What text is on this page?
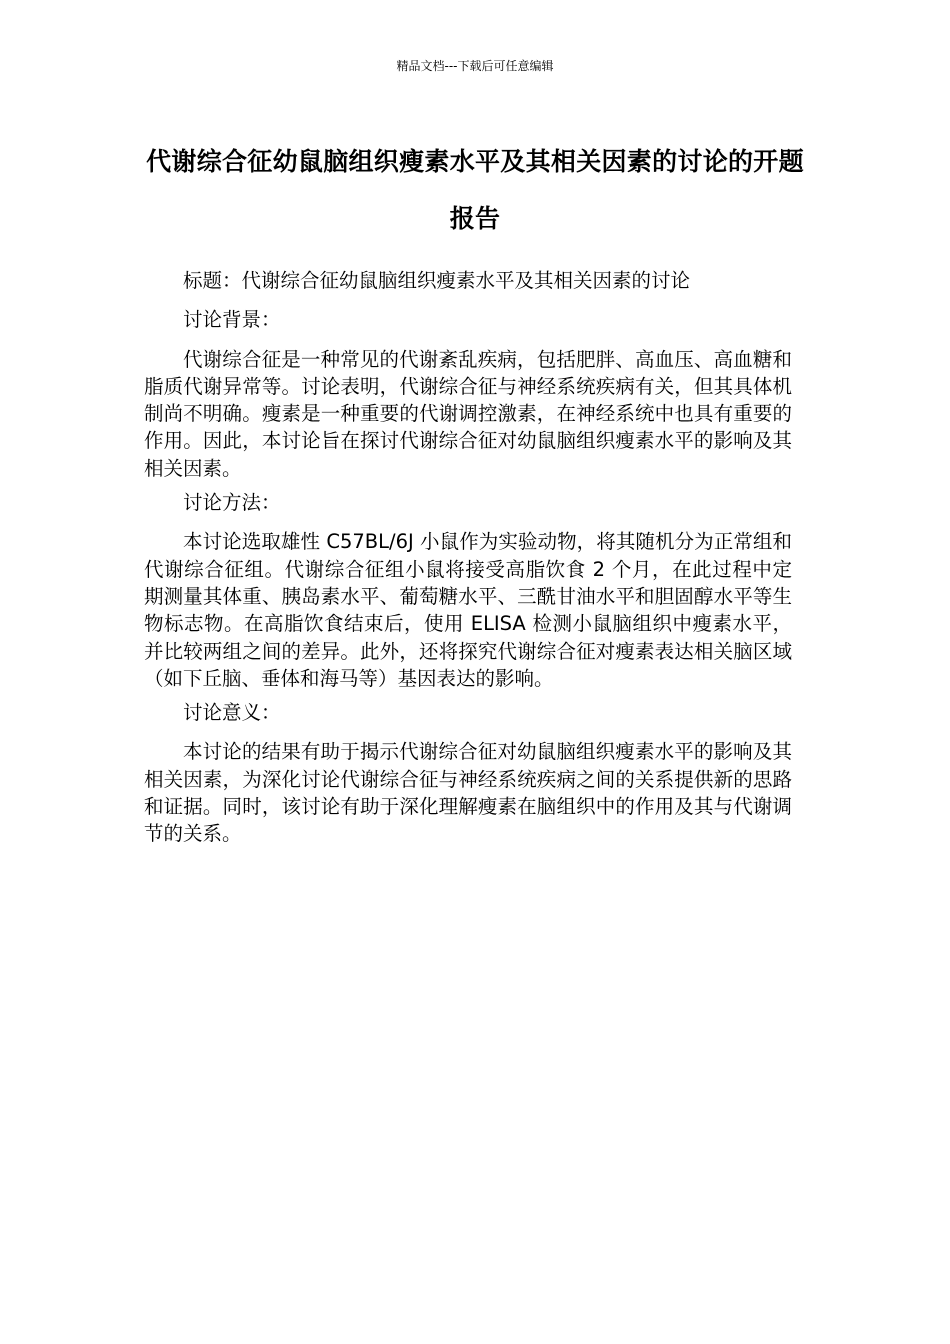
精品文档---下载后可任意编辑
代谢综合征幼鼠脑组织瘦素水平及其相关因素的讨论的开题报告

标题：代谢综合征幼鼠脑组织瘦素水平及其相关因素的讨论

讨论背景：

代谢综合征是一种常见的代谢紊乱疾病，包括肥胖、高血压、高血糖和脂质代谢异常等。讨论表明，代谢综合征与神经系统疾病有关，但其具体机制尚不明确。瘦素是一种重要的代谢调控激素，在神经系统中也具有重要的作用。因此，本讨论旨在探讨代谢综合征对幼鼠脑组织瘦素水平的影响及其相关因素。

讨论方法：

本讨论选取雄性 C57BL/6J 小鼠作为实验动物，将其随机分为正常组和代谢综合征组。代谢综合征组小鼠将接受高脂饮食 2 个月，在此过程中定期测量其体重、胰岛素水平、葡萄糖水平、三酰甘油水平和胆固醇水平等生物标志物。在高脂饮食结束后，使用 ELISA 检测小鼠脑组织中瘦素水平，并比较两组之间的差异。此外，还将探究代谢综合征对瘦素表达相关脑区域（如下丘脑、垂体和海马等）基因表达的影响。

讨论意义：

本讨论的结果有助于揭示代谢综合征对幼鼠脑组织瘦素水平的影响及其相关因素，为深化讨论代谢综合征与神经系统疾病之间的关系提供新的思路和证据。同时，该讨论有助于深化理解瘦素在脑组织中的作用及其与代谢调节的关系。
